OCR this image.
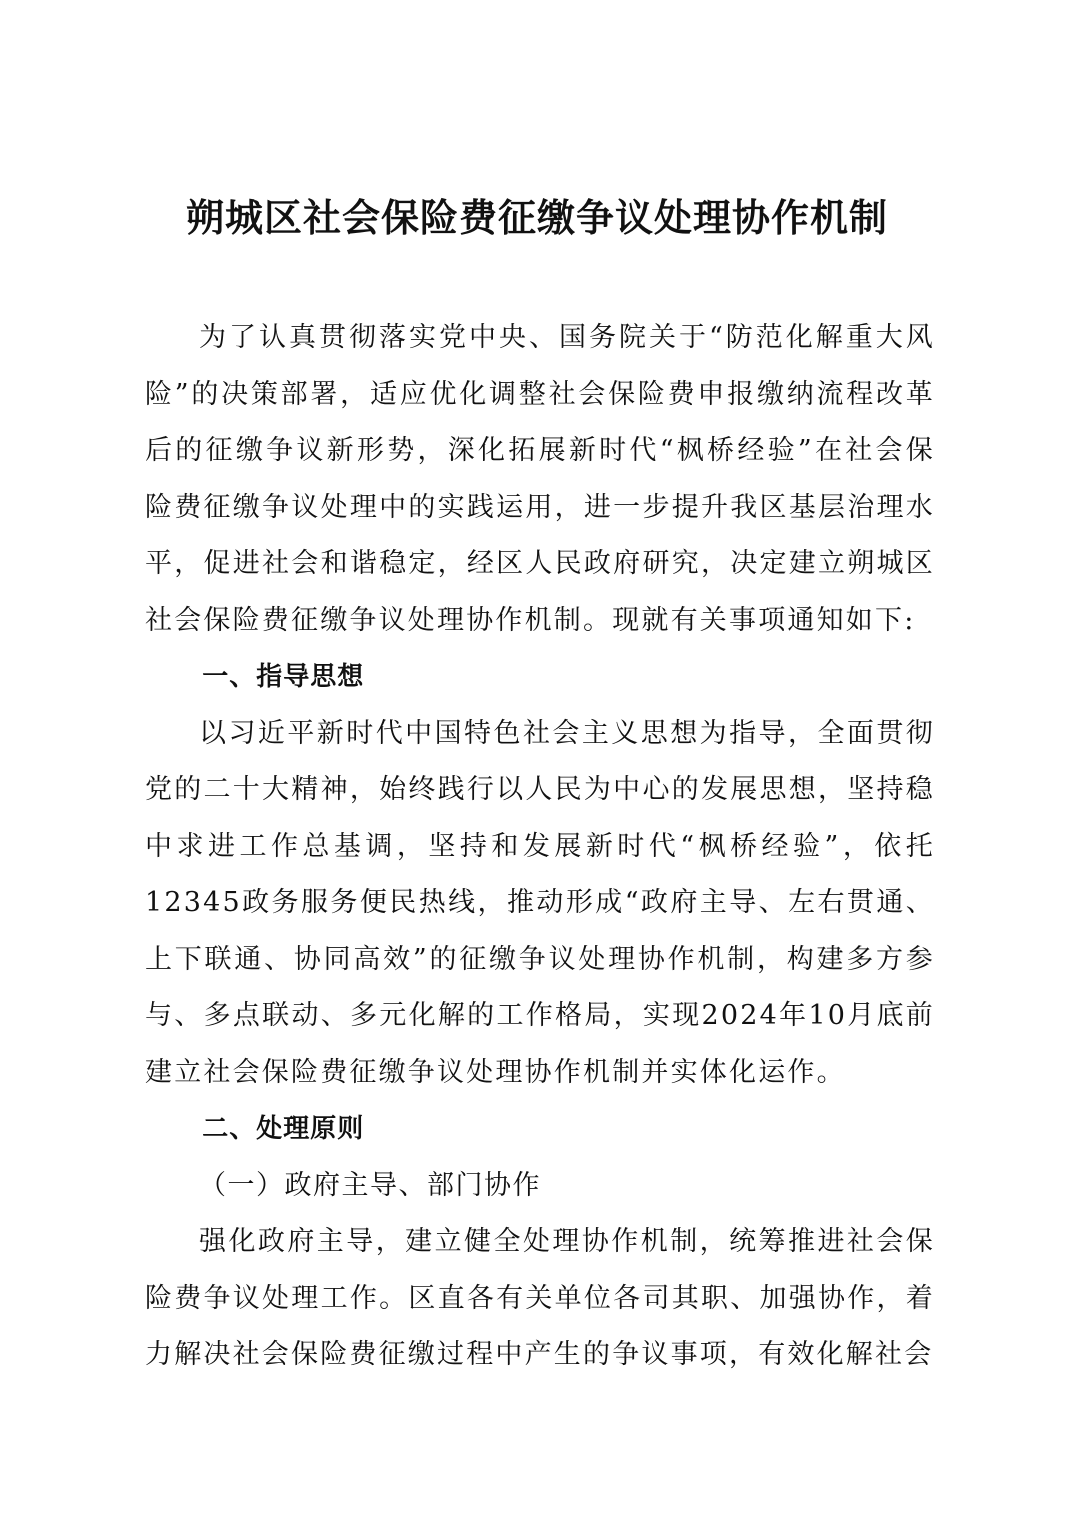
朔城区社会保险费征缴争议处理协作机制

为了认真贯彻落实党中央、国务院关于“防范化解重大风险”的决策部署，适应优化调整社会保险费申报缴纳流程改革后的征缴争议新形势，深化拓展新时代“枫桥经验”在社会保险费征缴争议处理中的实践运用，进一步提升我区基层治理水平，促进社会和谐稳定，经区人民政府研究，决定建立朔城区社会保险费征缴争议处理协作机制。现就有关事项通知如下:

一、指导思想

以习近平新时代中国特色社会主义思想为指导，全面贯彻党的二十大精神，始终践行以人民为中心的发展思想，坚持稳中求进工作总基调，坚持和发展新时代“枫桥经验”，依托12345政务服务便民热线，推动形成“政府主导、左右贯通、上下联通、协同高效”的征缴争议处理协作机制，构建多方参与、多点联动、多元化解的工作格局，实现2024年10月底前建立社会保险费征缴争议处理协作机制并实体化运作。

二、处理原则

（一）政府主导、部门协作

强化政府主导，建立健全处理协作机制，统筹推进社会保险费争议处理工作。区直各有关单位各司其职、加强协作，着力解决社会保险费征缴过程中产生的争议事项，有效化解社会
